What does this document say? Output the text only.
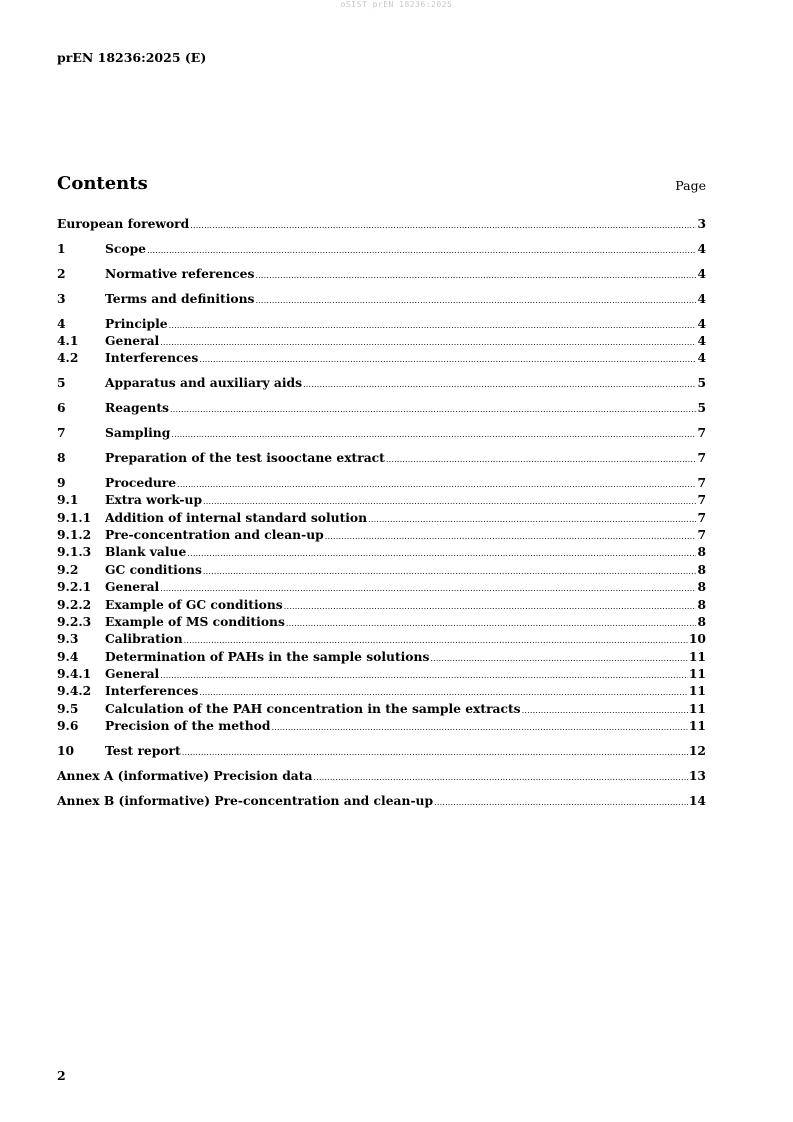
oSIST prEN 18236:2025
prEN 18236:2025 (E)
Contents	Page
European foreword .....	3
1	Scope .....	4
2	Normative references .....	4
3	Terms and definitions .....	4
4	Principle .....	4
4.1	General .....	4
4.2	Interferences .....	4
5	Apparatus and auxiliary aids .....	5
6	Reagents .....	5
7	Sampling .....	7
8	Preparation of the test isooctane extract .....	7
9	Procedure .....	7
9.1	Extra work-up .....	7
9.1.1	Addition of internal standard solution .....	7
9.1.2	Pre-concentration and clean-up .....	7
9.1.3	Blank value .....	8
9.2	GC conditions .....	8
9.2.1	General .....	8
9.2.2	Example of GC conditions .....	8
9.2.3	Example of MS conditions .....	8
9.3	Calibration .....	10
9.4	Determination of PAHs in the sample solutions .....	11
9.4.1	General .....	11
9.4.2	Interferences .....	11
9.5	Calculation of the PAH concentration in the sample extracts .....	11
9.6	Precision of the method .....	11
10	Test report .....	12
Annex A (informative) Precision data .....	13
Annex B (informative) Pre-concentration and clean-up .....	14
2
